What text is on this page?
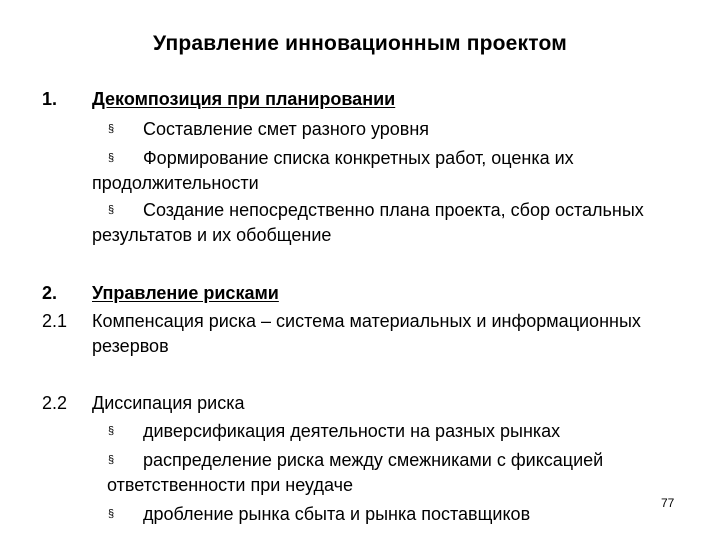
Управление инновационным проектом
1. Декомпозиция при планировании
§ Составление смет разного уровня
§ Формирование списка конкретных работ, оценка их
продолжительности
§ Создание непосредственно плана проекта, сбор остальных
результатов и их обобщение
2. Управление рисками
2.1 Компенсация риска – система материальных и информационных
резервов
2.2 Диссипация риска
§ диверсификация деятельности на разных рынках
§ распределение риска между смежниками с фиксацией
ответственности при неудаче
§ дробление рынка сбыта и рынка поставщиков
77
